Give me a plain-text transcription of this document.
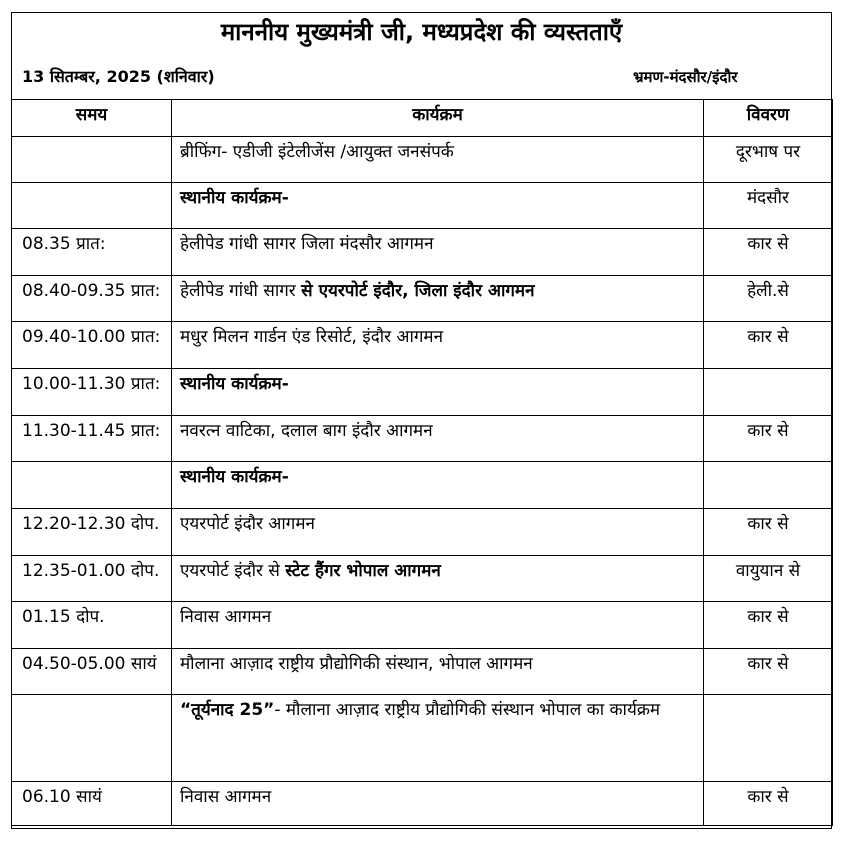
माननीय मुख्यमंत्री जी, मध्यप्रदेश की व्यस्तताएँ
13 सितम्बर, 2025 (शनिवार)	भ्रमण-मंदसौर/इंदौर
समय	कार्यक्रम	विवरण
	ब्रीफिंग- एडीजी इंटेलीजेंस /आयुक्त जनसंपर्क	दूरभाष पर
	स्थानीय कार्यक्रम-	मंदसौर
08.35 प्रात:	हेलीपेड गांधी सागर जिला मंदसौर आगमन	कार से
08.40-09.35 प्रात:	हेलीपेड गांधी सागर से एयरपोर्ट इंदौर, जिला इंदौर आगमन	हेली.से
09.40-10.00 प्रात:	मधुर मिलन गार्डन एंड रिसोर्ट, इंदौर आगमन	कार से
10.00-11.30 प्रात:	स्थानीय कार्यक्रम-	
11.30-11.45 प्रात:	नवरत्न वाटिका, दलाल बाग इंदौर आगमन	कार से
	स्थानीय कार्यक्रम-	
12.20-12.30 दोप.	एयरपोर्ट इंदौर आगमन	कार से
12.35-01.00 दोप.	एयरपोर्ट इंदौर से स्टेट हैंगर भोपाल आगमन	वायुयान से
01.15 दोप.	निवास आगमन	कार से
04.50-05.00 सायं	मौलाना आज़ाद राष्ट्रीय प्रौद्योगिकी संस्थान, भोपाल आगमन	कार से
	“तूर्यनाद 25”- मौलाना आज़ाद राष्ट्रीय प्रौद्योगिकी संस्थान भोपाल का कार्यक्रम	
06.10 सायं	निवास आगमन	कार से
